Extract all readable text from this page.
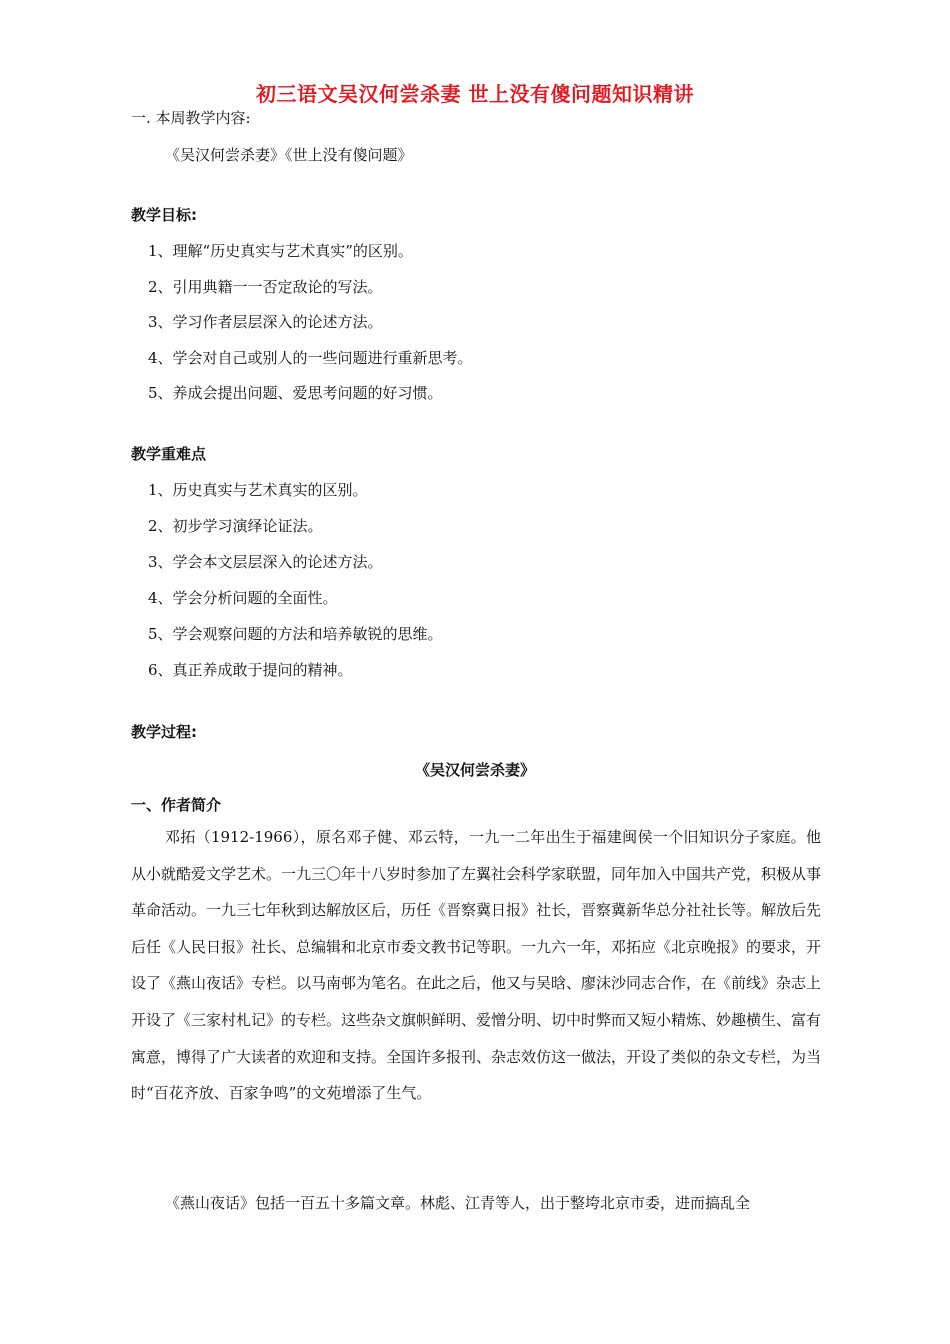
初三语文吴汉何尝杀妻 世上没有傻问题知识精讲
一. 本周教学内容:
《吴汉何尝杀妻》《世上没有傻问题》
教学目标:
1、理解“历史真实与艺术真实”的区别。
2、引用典籍一一否定敌论的写法。
3、学习作者层层深入的论述方法。
4、学会对自己或别人的一些问题进行重新思考。
5、养成会提出问题、爱思考问题的好习惯。
教学重难点
1、历史真实与艺术真实的区别。
2、初步学习演绎论证法。
3、学会本文层层深入的论述方法。
4、学会分析问题的全面性。
5、学会观察问题的方法和培养敏锐的思维。
6、真正养成敢于提问的精神。
教学过程:
《吴汉何尝杀妻》
一、作者简介
邓拓（1912-1966），原名邓子健、邓云特，一九一二年出生于福建闽侯一个旧知识分子家庭。他从小就酷爱文学艺术。一九三〇年十八岁时参加了左翼社会科学家联盟，同年加入中国共产党，积极从事革命活动。一九三七年秋到达解放区后，历任《晋察冀日报》社长，晋察冀新华总分社社长等。解放后先后任《人民日报》社长、总编辑和北京市委文教书记等职。一九六一年，邓拓应《北京晚报》的要求，开设了《燕山夜话》专栏。以马南邨为笔名。在此之后，他又与吴晗、廖沫沙同志合作，在《前线》杂志上开设了《三家村札记》的专栏。这些杂文旗帜鲜明、爱憎分明、切中时弊而又短小精炼、妙趣横生、富有寓意，博得了广大读者的欢迎和支持。全国许多报刊、杂志效仿这一做法，开设了类似的杂文专栏，为当时“百花齐放、百家争鸣”的文苑增添了生气。
《燕山夜话》包括一百五十多篇文章。林彪、江青等人，出于整垮北京市委，进而搞乱全
